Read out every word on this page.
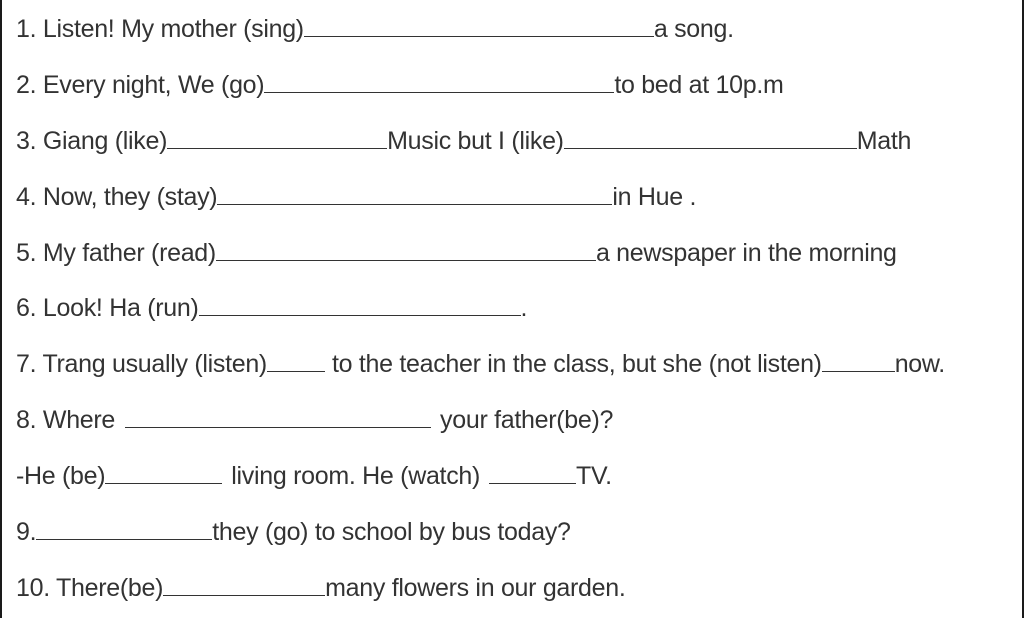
1. Listen! My mother (sing)	a song.
2. Every night, We (go)	to bed at 10p.m
3. Giang (like)	Music but I (like)	Math
4. Now, they (stay)	in Hue .
5. My father (read)	a newspaper in the morning
6. Look! Ha (run)	.
7. Trang usually (listen)	to the teacher in the class, but she (not listen)	now.
8. Where	your father(be)?
-He (be)	living room. He (watch)	TV.
9.	they (go) to school by bus today?
10. There(be)	many flowers in our garden.
